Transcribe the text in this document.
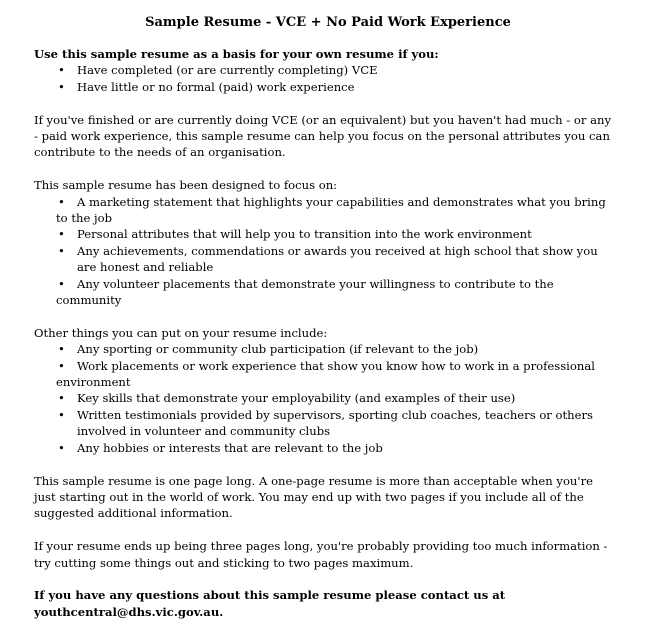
Sample Resume - VCE + No Paid Work Experience
Use this sample resume as a basis for your own resume if you:
• Have completed (or are currently completing) VCE
• Have little or no formal (paid) work experience

If you've finished or are currently doing VCE (or an equivalent) but you haven't had much - or any - paid work experience, this sample resume can help you focus on the personal attributes you can contribute to the needs of an organisation.

This sample resume has been designed to focus on:

• A marketing statement that highlights your capabilities and demonstrates what you bring to the job
• Personal attributes that will help you to transition into the work environment
• Any achievements, commendations or awards you received at high school that show you are honest and reliable
• Any volunteer placements that demonstrate your willingness to contribute to the community

Other things you can put on your resume include:

• Any sporting or community club participation (if relevant to the job)
• Work placements or work experience that show you know how to work in a professional environment
• Key skills that demonstrate your employability (and examples of their use)
• Written testimonials provided by supervisors, sporting club coaches, teachers or others involved in volunteer and community clubs
• Any hobbies or interests that are relevant to the job

This sample resume is one page long. A one-page resume is more than acceptable when you're just starting out in the world of work. You may end up with two pages if you include all of the suggested additional information.

If your resume ends up being three pages long, you're probably providing too much information - try cutting some things out and sticking to two pages maximum.

If you have any questions about this sample resume please contact us at youthcentral@dhs.vic.gov.au.
